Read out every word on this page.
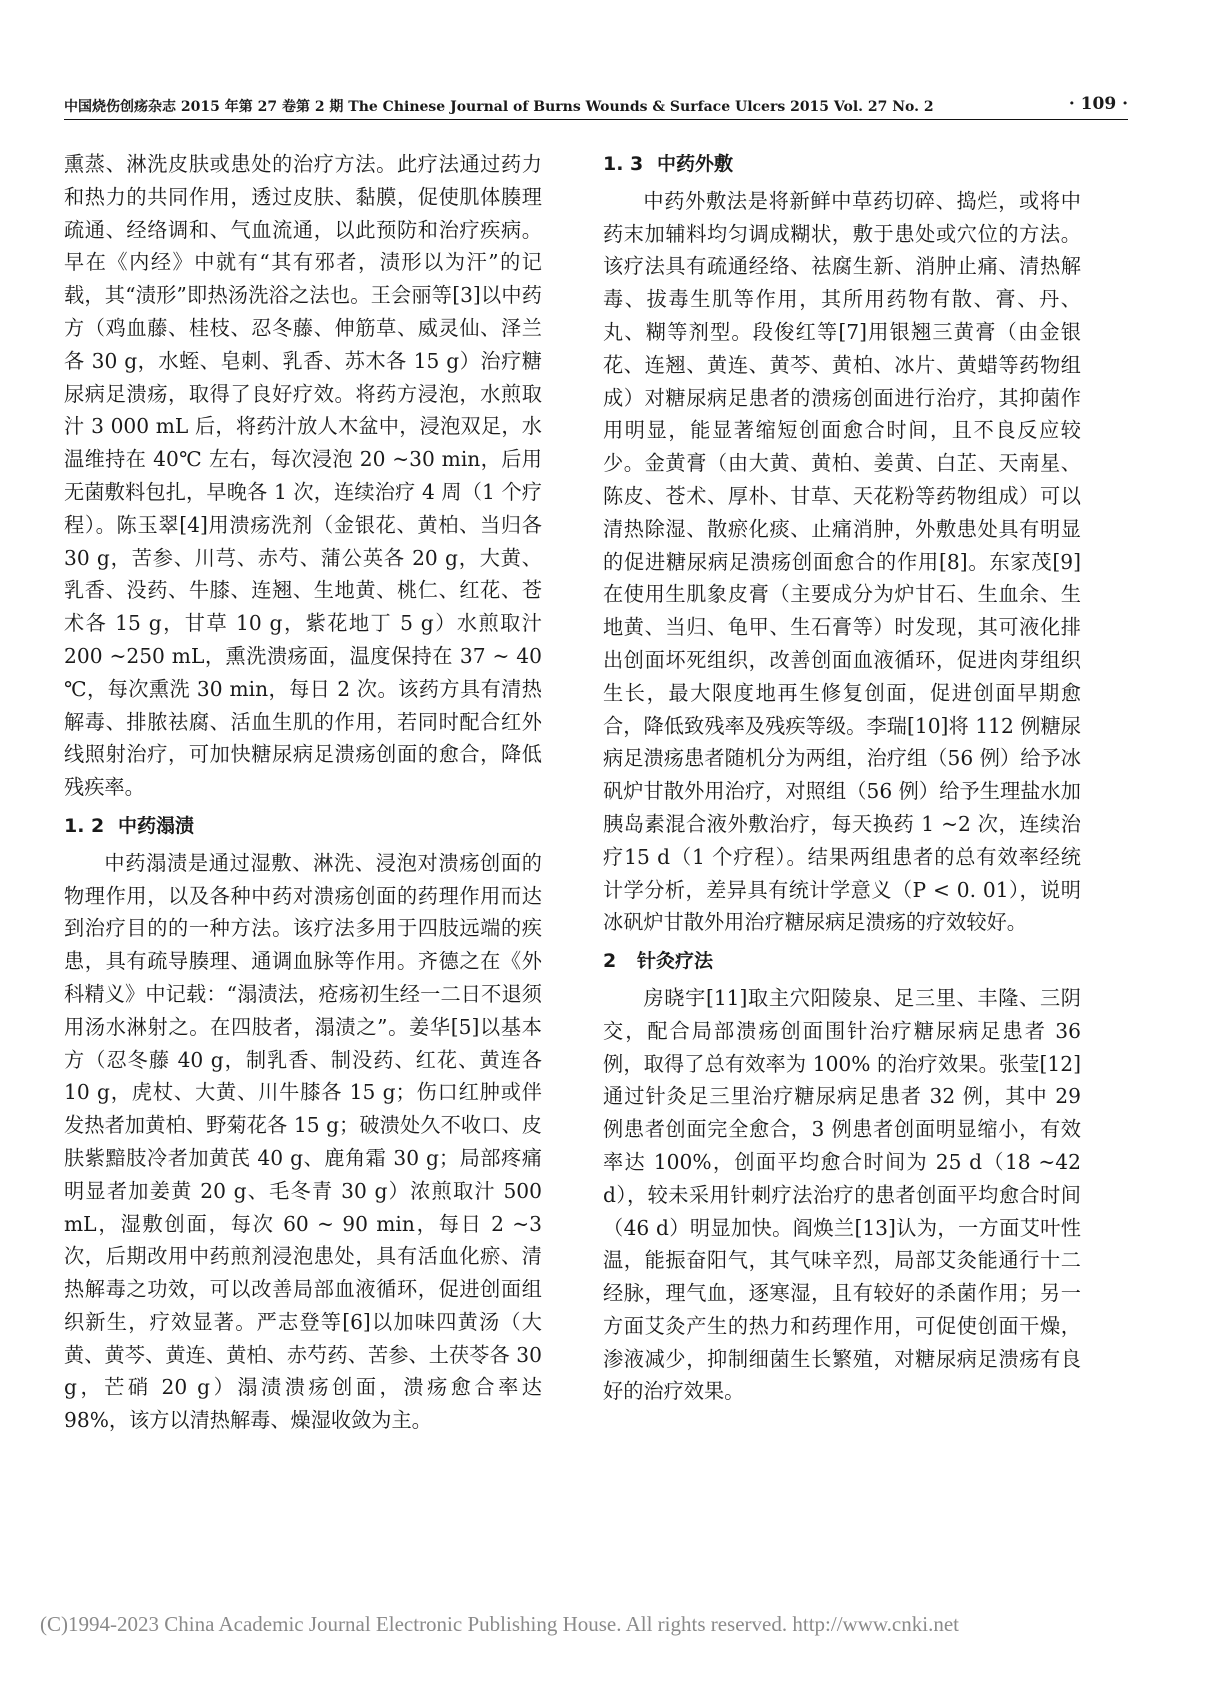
中国烧伤创疡杂志 2015 年第 27 卷第 2 期 The Chinese Journal of Burns Wounds & Surface Ulcers 2015 Vol. 27 No. 2	· 109 ·

熏蒸、淋洗皮肤或患处的治疗方法。此疗法通过药力和热力的共同作用，透过皮肤、黏膜，促使肌体腠理疏通、经络调和、气血流通，以此预防和治疗疾病。早在《内经》中就有“其有邪者，渍形以为汗”的记载，其“渍形”即热汤洗浴之法也。王会丽等[3]以中药方（鸡血藤、桂枝、忍冬藤、伸筋草、威灵仙、泽兰各 30 g，水蛭、皂刺、乳香、苏木各 15 g）治疗糖尿病足溃疡，取得了良好疗效。将药方浸泡，水煎取汁 3 000 mL 后，将药汁放人木盆中，浸泡双足，水温维持在 40℃ 左右，每次浸泡 20 ~30 min，后用无菌敷料包扎，早晚各 1 次，连续治疗 4 周（1 个疗程）。陈玉翠[4]用溃疡洗剂（金银花、黄柏、当归各 30 g，苦参、川芎、赤芍、蒲公英各 20 g，大黄、乳香、没药、牛膝、连翘、生地黄、桃仁、红花、苍术各 15 g，甘草 10 g，紫花地丁 5 g）水煎取汁 200 ~250 mL，熏洗溃疡面，温度保持在 37 ~ 40 ℃，每次熏洗 30 min，每日 2 次。该药方具有清热解毒、排脓祛腐、活血生肌的作用，若同时配合红外线照射治疗，可加快糖尿病足溃疡创面的愈合，降低残疾率。

1. 2 中药溻渍

中药溻渍是通过湿敷、淋洗、浸泡对溃疡创面的物理作用，以及各种中药对溃疡创面的药理作用而达到治疗目的的一种方法。该疗法多用于四肢远端的疾患，具有疏导腠理、通调血脉等作用。齐德之在《外科精义》中记载：“溻渍法，疮疡初生经一二日不退须用汤水淋射之。在四肢者，溻渍之”。姜华[5]以基本方（忍冬藤 40 g，制乳香、制没药、红花、黄连各 10 g，虎杖、大黄、川牛膝各 15 g；伤口红肿或伴发热者加黄柏、野菊花各 15 g；破溃处久不收口、皮肤紫黯肢冷者加黄芪 40 g、鹿角霜 30 g；局部疼痛明显者加姜黄 20 g、毛冬青 30 g）浓煎取汁 500 mL，湿敷创面，每次 60 ~ 90 min，每日 2 ~3 次，后期改用中药煎剂浸泡患处，具有活血化瘀、清热解毒之功效，可以改善局部血液循环，促进创面组织新生，疗效显著。严志登等[6]以加味四黄汤（大黄、黄芩、黄连、黄柏、赤芍药、苦参、土茯苓各 30 g，芒硝 20 g）溻渍溃疡创面，溃疡愈合率达 98%，该方以清热解毒、燥湿收敛为主。

1. 3 中药外敷

中药外敷法是将新鲜中草药切碎、捣烂，或将中药末加辅料均匀调成糊状，敷于患处或穴位的方法。该疗法具有疏通经络、祛腐生新、消肿止痛、清热解毒、拔毒生肌等作用，其所用药物有散、膏、丹、丸、糊等剂型。段俊红等[7]用银翘三黄膏（由金银花、连翘、黄连、黄芩、黄柏、冰片、黄蜡等药物组成）对糖尿病足患者的溃疡创面进行治疗，其抑菌作用明显，能显著缩短创面愈合时间，且不良反应较少。金黄膏（由大黄、黄柏、姜黄、白芷、天南星、陈皮、苍术、厚朴、甘草、天花粉等药物组成）可以清热除湿、散瘀化痰、止痛消肿，外敷患处具有明显的促进糖尿病足溃疡创面愈合的作用[8]。东家茂[9]在使用生肌象皮膏（主要成分为炉甘石、生血余、生地黄、当归、龟甲、生石膏等）时发现，其可液化排出创面坏死组织，改善创面血液循环，促进肉芽组织生长，最大限度地再生修复创面，促进创面早期愈合，降低致残率及残疾等级。李瑞[10]将 112 例糖尿病足溃疡患者随机分为两组，治疗组（56 例）给予冰矾炉甘散外用治疗，对照组（56 例）给予生理盐水加胰岛素混合液外敷治疗，每天换药 1 ~2 次，连续治疗15 d（1 个疗程）。结果两组患者的总有效率经统计学分析，差异具有统计学意义（P < 0. 01），说明冰矾炉甘散外用治疗糖尿病足溃疡的疗效较好。

2 针灸疗法

房晓宇[11]取主穴阳陵泉、足三里、丰隆、三阴交，配合局部溃疡创面围针治疗糖尿病足患者 36 例，取得了总有效率为 100% 的治疗效果。张莹[12]通过针灸足三里治疗糖尿病足患者 32 例，其中 29 例患者创面完全愈合，3 例患者创面明显缩小，有效率达 100%，创面平均愈合时间为 25 d（18 ~42 d），较未采用针刺疗法治疗的患者创面平均愈合时间（46 d）明显加快。阎焕兰[13]认为，一方面艾叶性温，能振奋阳气，其气味辛烈，局部艾灸能通行十二经脉，理气血，逐寒湿，且有较好的杀菌作用；另一方面艾灸产生的热力和药理作用，可促使创面干燥，渗液减少，抑制细菌生长繁殖，对糖尿病足溃疡有良好的治疗效果。

(C)1994-2023 China Academic Journal Electronic Publishing House. All rights reserved. http://www.cnki.net
